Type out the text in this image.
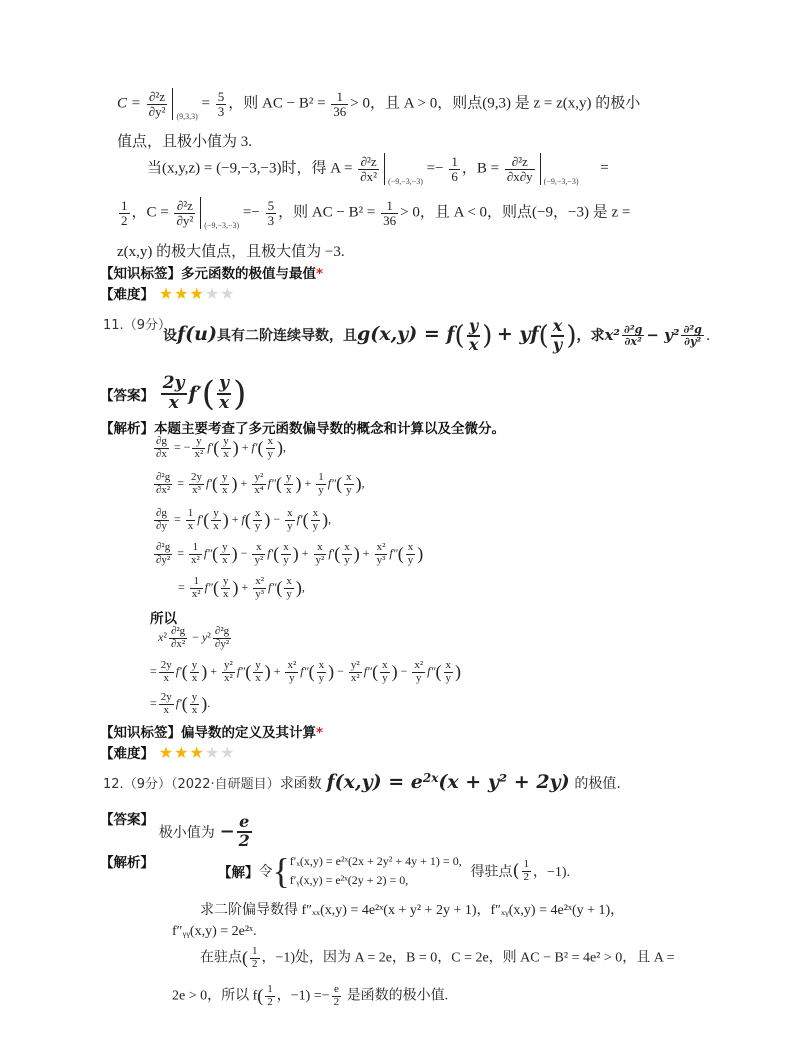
$C = \frac{\text{∂²z}}{\text{∂y²}} _{(9,3,3)} = \frac{5}{3}$ ，则 AC − $B^2 = \frac{1}{36} > 0$，且 A > 0，则点(9,3) 是 z = z(x,y) 的极小
值点，且极小值为 3.
当(x,y,z) = (−9,−3,−3)时，得 $A = \frac{\text{∂²z}}{\text{∂x²}} _{(-9,-3,-3)} =- \frac{1}{6}$ ，$B = \frac{\text{∂²z}}{\partial x\partial y} _{(-9,-3,-3)}$ =
$\frac{1}{2}$ ，$C = \frac{\text{∂²z}}{\text{∂y²}} _{(-9,-3,-3)} =- \frac{5}{3}$ ，则 AC − $B^2 = \frac{1}{36} > 0$，且 A < 0，则点(−9，−3) 是 z =
z(x,y) 的极大值点，且极大值为 −3.
【知识标签】多元函数的极值与最值*
【难度】 ★★★★★
11.（9分）
设f(u)具有二阶连续导数，且$g(x,y) = f( \frac{y}{x}$ ) + $yf( \frac{x}{y}$ )，求$x^2 \frac{\text{∂²g}}{\text{∂x²}} - y^2 \frac{\text{∂²g}}{\text{∂y²}}$ .
【答案】 $\frac{2y}{x} f'( \frac{y}{x}$ )
【解析】本题主要考查了多元函数偏导数的概念和计算以及全微分。
$\frac{\partial g}{\partial x}$ = − $\frac{y}{\text{x²}} f'( \frac{y}{x}$ ) + $f'( \frac{x}{y}$ ),
$\frac{\text{∂²g}}{\text{∂x²}} = \frac{2y}{\text{x³}} f'( \frac{y}{x}$ ) + $\frac{\text{y²}}{\text{x⁴}} f''( \frac{y}{x}$ ) + $\frac{1}{y} f''( \frac{x}{y}$ ),
$\frac{\partial g}{\partial y} = \frac{1}{x} f'( \frac{y}{x}$ ) + $f( \frac{x}{y}$ ) − $\frac{x}{y} f'( \frac{x}{y}$ ),
$\frac{\text{∂²g}}{\text{∂y²}} = \frac{1}{\text{x²}} f''( \frac{y}{x}$ ) − $\frac{x}{\text{y²}} f'( \frac{x}{y}$ ) + $\frac{x}{\text{y²}} f'( \frac{x}{y}$ ) + $\frac{\text{x²}}{\text{y³}} f''( \frac{x}{y}$ )
= $\frac{1}{\text{x²}} f''( \frac{y}{x}$ ) + $\frac{\text{x²}}{\text{y³}} f''( \frac{x}{y}$ ),
所以
$x^2 \frac{\text{∂²g}}{\text{∂x²}} - y^2 \frac{\text{∂²g}}{\text{∂y²}}$
= $\frac{2y}{x} f'( \frac{y}{x}$ ) + $\frac{\text{y²}}{\text{x²}} f''( \frac{y}{x}$ ) + $\frac{\text{x²}}{y} f''( \frac{x}{y}$ ) − $\frac{\text{y²}}{\text{x²}} f''( \frac{x}{y}$ ) − $\frac{\text{x²}}{y} f''( \frac{x}{y}$ )
= $\frac{2y}{x} f'( \frac{y}{x}$ ).
【知识标签】偏导数的定义及其计算*
【难度】 ★★★★★
12.（9分）（2022·自研题目）求函数 $f(x,y) = e^{2x}(x + y^2 + 2y)$ 的极值.
【答案】 极小值为 − $\frac{e}{2}$
【解析】
【解】令{ f′ₓ(x,y) = e²ˣ(2x + 2y² + 4y + 1) = 0,
f′ᵧ(x,y) = e²ˣ(2y + 2) = 0,	得驻点( $\frac{1}{2}$ ，−1).
求二阶偏导数得 f″ₓₓ(x,y) = 4e²ˣ(x + y² + 2y + 1)，f″ₓᵧ(x,y) = 4e²ˣ(y + 1)，
f″ᵧᵧ(x,y) = 2e²ˣ.
在驻点( $\frac{1}{2}$ ，−1)处，因为 A = 2e，B = 0，C = 2e，则 AC − B² = 4e² > 0，且 A =
2e > 0，所以 $f( \frac{1}{2}$ ，$-1) =- \frac{e}{2}$ 是函数的极小值.
